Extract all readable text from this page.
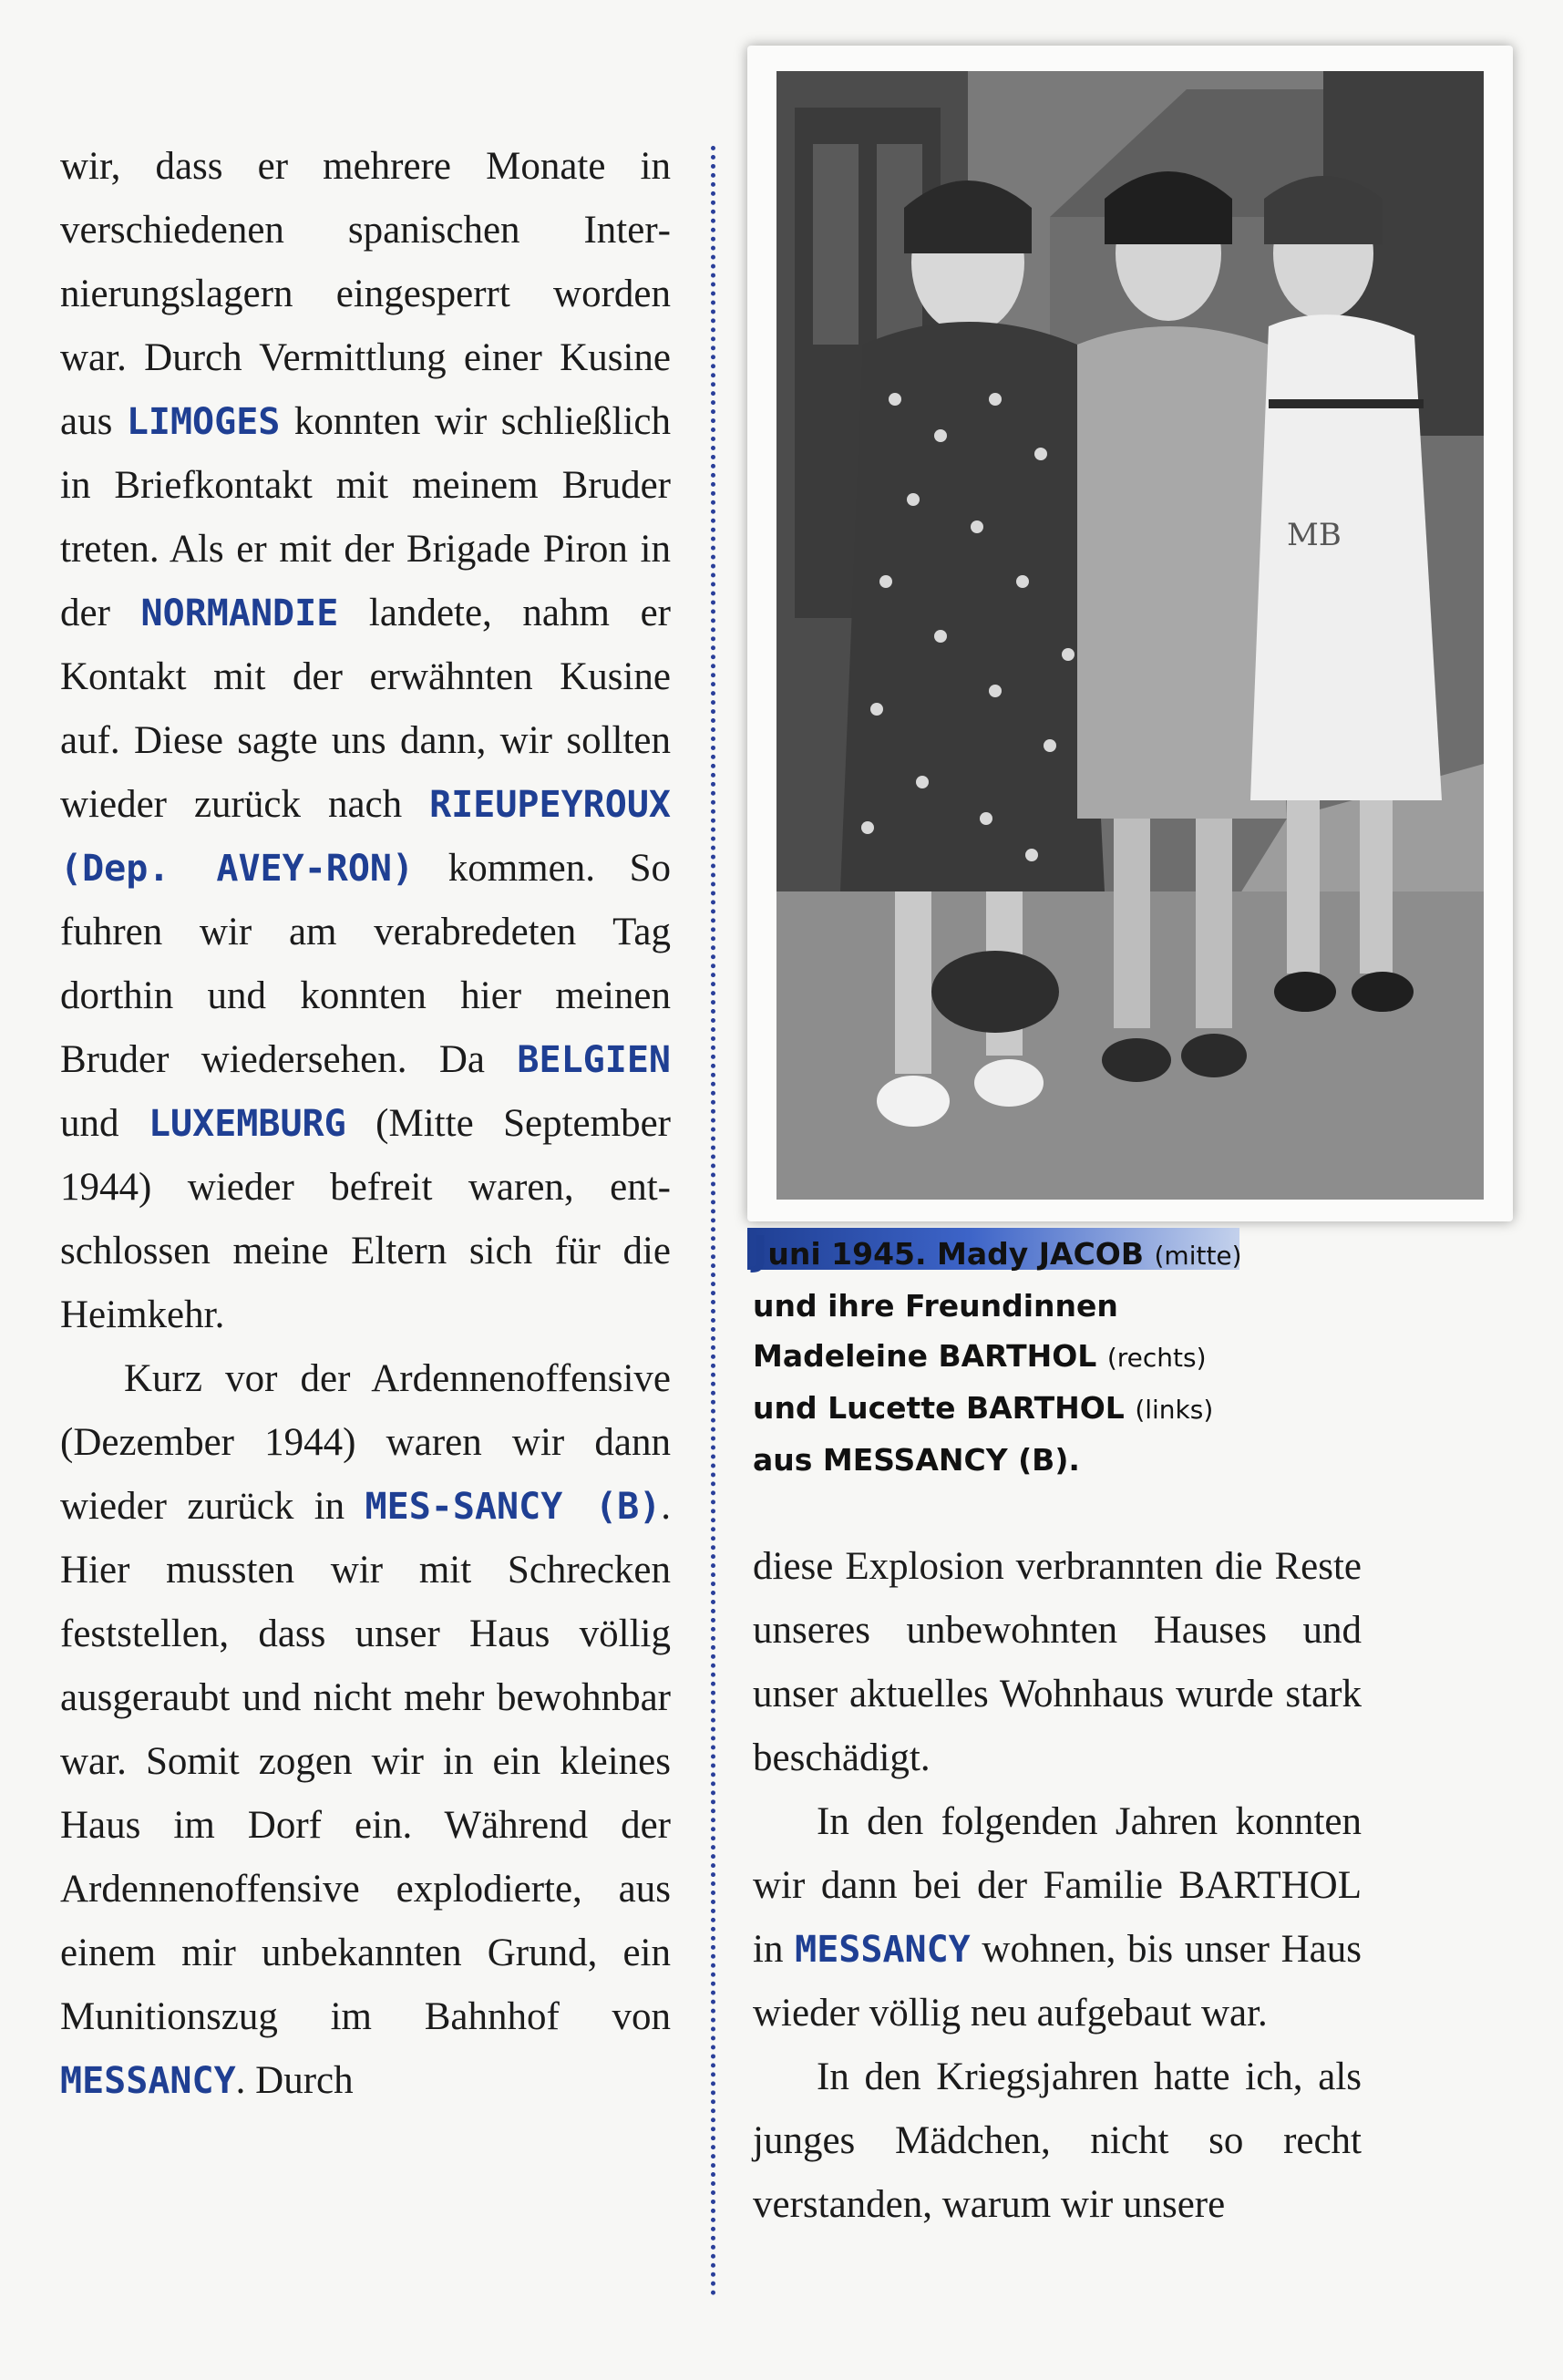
wir, dass er mehrere Monate in verschiedenen spanischen Internierungslagern eingesperrt worden war. Durch Vermittlung einer Kusine aus LIMOGES konnten wir schließlich in Briefkontakt mit meinem Bruder treten. Als er mit der Brigade Piron in der NORMANDIE landete, nahm er Kontakt mit der erwähnten Kusine auf. Diese sagte uns dann, wir sollten wieder zurück nach RIEUPEYROUX (Dep. AVEY-RON) kommen. So fuhren wir am verabredeten Tag dorthin und konnten hier meinen Bruder wiedersehen. Da BELGIEN und LUXEMBURG (Mitte September 1944) wieder befreit waren, entschlossen meine Eltern sich für die Heimkehr.

Kurz vor der Ardennenoffensive (Dezember 1944) waren wir dann wieder zurück in MES-SANCY (B). Hier mussten wir mit Schrecken feststellen, dass unser Haus völlig ausgeraubt und nicht mehr bewohnbar war. Somit zogen wir in ein kleines Haus im Dorf ein. Während der Ardennenoffensive explodierte, aus einem mir unbekannten Grund, ein Munitionszug im Bahnhof von MESSANCY. Durch

MB
Juni 1945. Mady JACOB (mitte)
und ihre Freundinnen
Madeleine BARTHOL (rechts)
und Lucette BARTHOL (links)
aus MESSANCY (B).

diese Explosion verbrannten die Reste unseres unbewohnten Hauses und unser aktuelles Wohnhaus wurde stark beschädigt.

In den folgenden Jahren konnten wir dann bei der Familie BARTHOL in MESSANCY wohnen, bis unser Haus wieder völlig neu aufgebaut war.

In den Kriegsjahren hatte ich, als junges Mädchen, nicht so recht verstanden, warum wir unsere
